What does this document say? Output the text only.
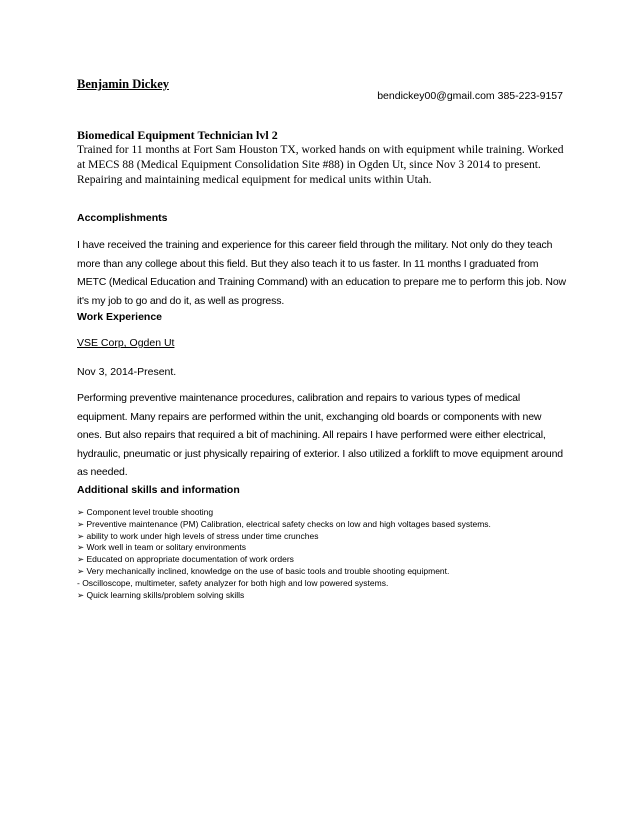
Benjamin Dickey
bendickey00@gmail.com 385-223-9157
Biomedical Equipment Technician lvl 2
Trained for 11 months at Fort Sam Houston TX, worked hands on with equipment while training. Worked at MECS 88 (Medical Equipment Consolidation Site #88) in Ogden Ut, since Nov 3 2014 to present. Repairing and maintaining medical equipment for medical units within Utah.
Accomplishments
I have received the training and experience for this career field through the military. Not only do they teach more than any college about this field. But they also teach it to us faster. In 11 months I graduated from METC (Medical Education and Training Command) with an education to prepare me to perform this job. Now it's my job to go and do it, as well as progress.
Work Experience
VSE Corp, Ogden Ut
Nov 3, 2014-Present.
Performing preventive maintenance procedures, calibration and repairs to various types of medical equipment. Many repairs are performed within the unit, exchanging old boards or components with new ones. But also repairs that required a bit of machining. All repairs I have performed were either electrical, hydraulic, pneumatic or just physically repairing of exterior. I also utilized a forklift to move equipment around as needed.
Additional skills and information
➢ Component level trouble shooting
➢ Preventive maintenance (PM) Calibration, electrical safety checks on low and high voltages based systems.
➢ ability to work under high levels of stress under time crunches
➢ Work well in team or solitary environments
➢ Educated on appropriate documentation of work orders
➢ Very mechanically inclined, knowledge on the use of basic tools and trouble shooting equipment.
- Oscilloscope, multimeter, safety analyzer for both high and low powered systems.
➢ Quick learning skills/problem solving skills
